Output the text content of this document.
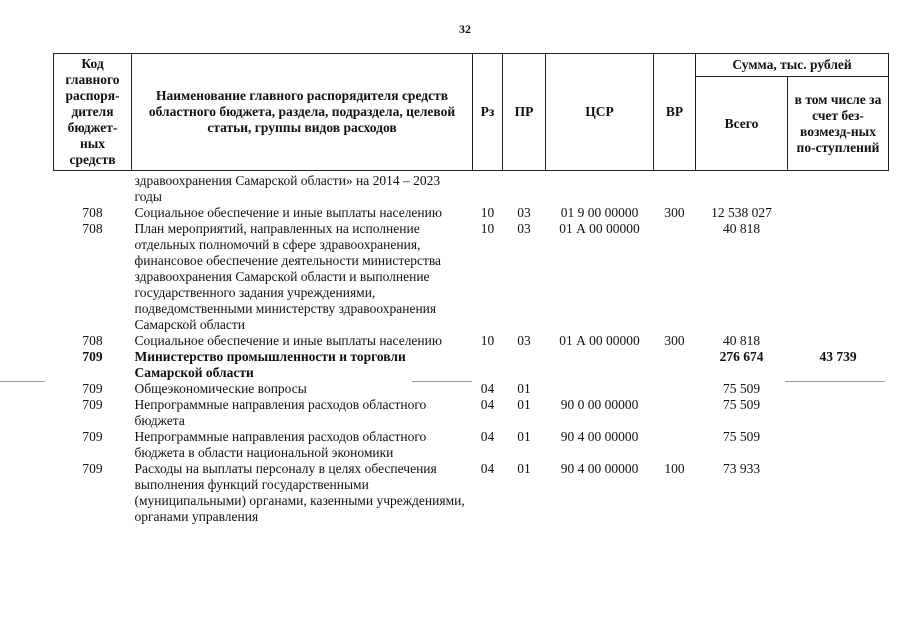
32
Код главного распоря-дителя бюджет-ных средств	Наименование главного распорядителя средств областного бюджета, раздела, подраздела, целевой статьи, группы видов расходов	Рз	ПР	ЦСР	ВР	Сумма, тыс. рублей	
						Всего	в том числе за счет без-возмезд-ных по-ступлений
	здравоохранения Самарской области» на 2014 – 2023 годы						
708	Социальное обеспечение и иные выплаты населению	10	03	01 9 00 00000	300	12 538 027	
708	План мероприятий, направленных на исполнение отдельных полномочий в сфере здравоохранения, финансовое обеспечение деятельности министерства здравоохранения Самарской области и выполнение государственного задания учреждениями, подведомственными министерству здравоохранения Самарской области	10	03	01 А 00 00000		40 818	
708	Социальное обеспечение и иные выплаты населению	10	03	01 А 00 00000	300	40 818	
709	Министерство промышленности и торговли Самарской области					276 674	43 739
709	Общеэкономические вопросы	04	01			75 509	
709	Непрограммные направления расходов областного бюджета	04	01	90 0 00 00000		75 509	
709	Непрограммные направления расходов областного бюджета в области национальной экономики	04	01	90 4 00 00000		75 509	
709	Расходы на выплаты персоналу в целях обеспечения выполнения функций государственными (муниципальными) органами, казенными учреждениями, органами управления	04	01	90 4 00 00000	100	73 933	
